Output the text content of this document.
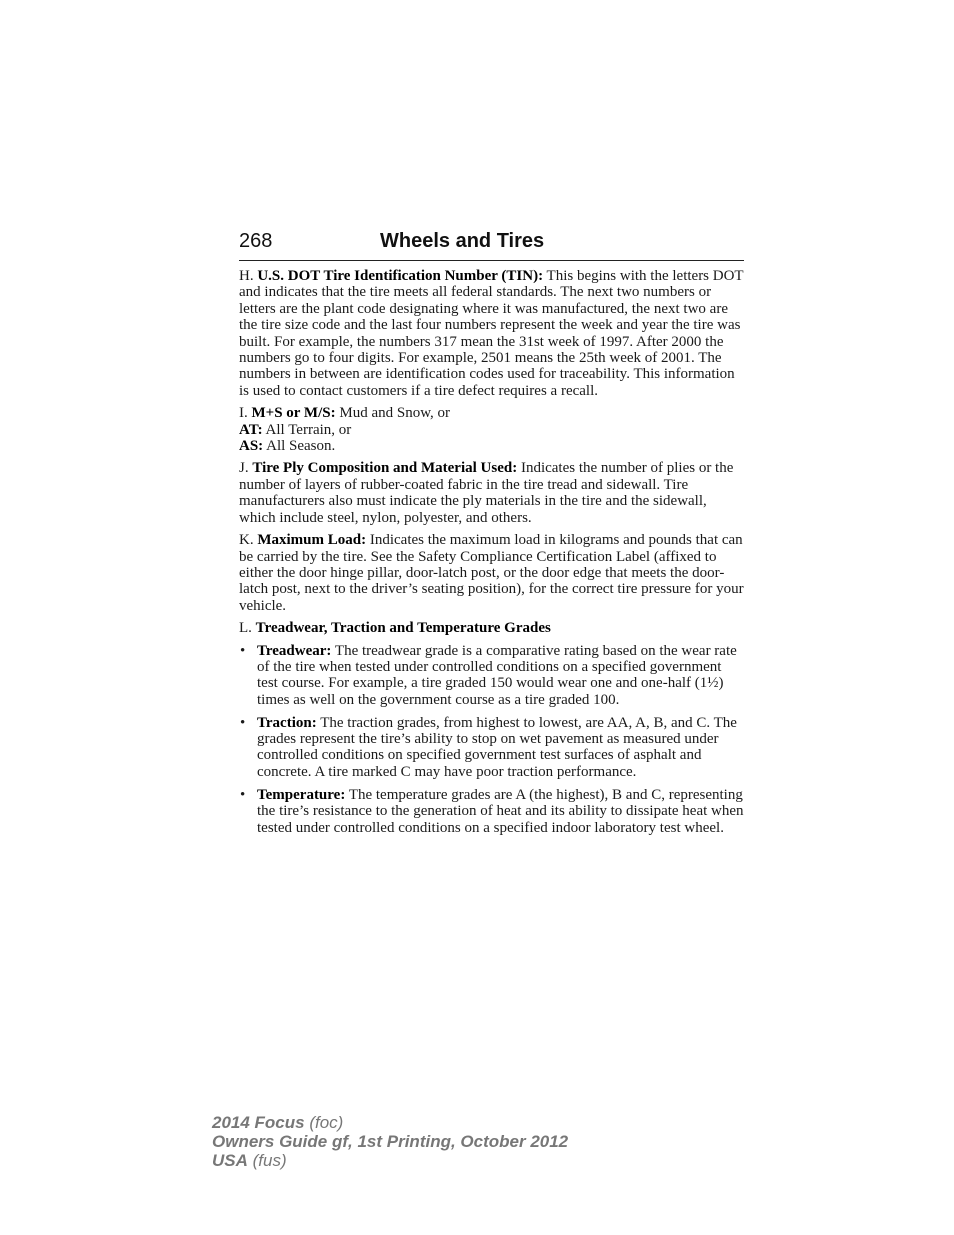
268	Wheels and Tires

H. U.S. DOT Tire Identification Number (TIN): This begins with the letters DOT and indicates that the tire meets all federal standards. The next two numbers or letters are the plant code designating where it was manufactured, the next two are the tire size code and the last four numbers represent the week and year the tire was built. For example, the numbers 317 mean the 31st week of 1997. After 2000 the numbers go to four digits. For example, 2501 means the 25th week of 2001. The numbers in between are identification codes used for traceability. This information is used to contact customers if a tire defect requires a recall.

I. M+S or M/S: Mud and Snow, or
AT: All Terrain, or
AS: All Season.

J. Tire Ply Composition and Material Used: Indicates the number of plies or the number of layers of rubber-coated fabric in the tire tread and sidewall. Tire manufacturers also must indicate the ply materials in the tire and the sidewall, which include steel, nylon, polyester, and others.

K. Maximum Load: Indicates the maximum load in kilograms and pounds that can be carried by the tire. See the Safety Compliance Certification Label (affixed to either the door hinge pillar, door-latch post, or the door edge that meets the door-latch post, next to the driver’s seating position), for the correct tire pressure for your vehicle.

L. Treadwear, Traction and Temperature Grades

• Treadwear: The treadwear grade is a comparative rating based on the wear rate of the tire when tested under controlled conditions on a specified government test course. For example, a tire graded 150 would wear one and one-half (1½) times as well on the government course as a tire graded 100.
• Traction: The traction grades, from highest to lowest, are AA, A, B, and C. The grades represent the tire’s ability to stop on wet pavement as measured under controlled conditions on specified government test surfaces of asphalt and concrete. A tire marked C may have poor traction performance.
• Temperature: The temperature grades are A (the highest), B and C, representing the tire’s resistance to the generation of heat and its ability to dissipate heat when tested under controlled conditions on a specified indoor laboratory test wheel.
2014 Focus (foc)
Owners Guide gf, 1st Printing, October 2012
USA (fus)
